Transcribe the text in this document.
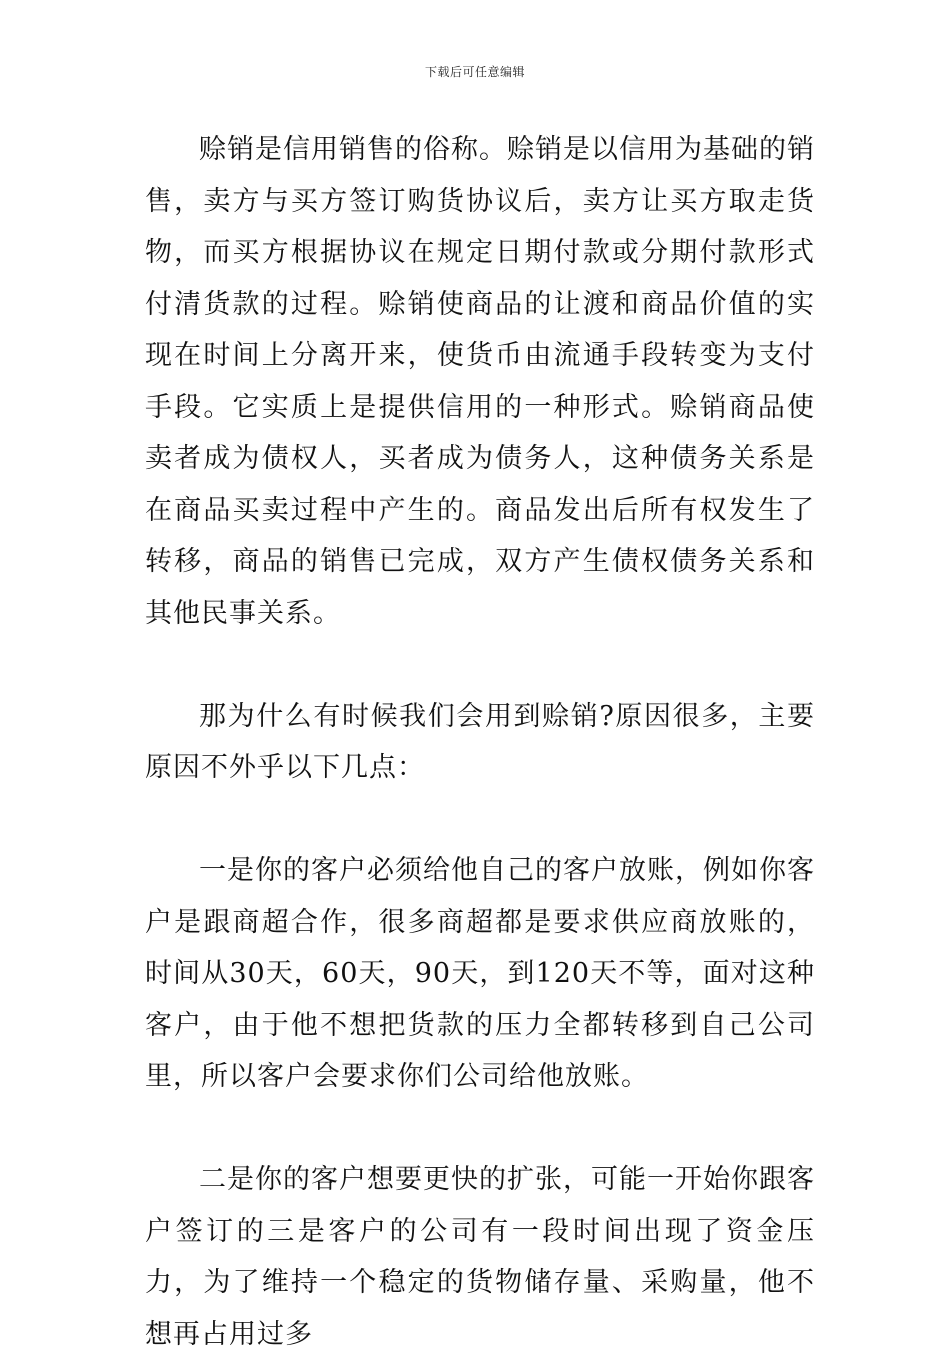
下载后可任意编辑

赊销是信用销售的俗称。赊销是以信用为基础的销售，卖方与买方签订购货协议后，卖方让买方取走货物，而买方根据协议在规定日期付款或分期付款形式付清货款的过程。赊销使商品的让渡和商品价值的实现在时间上分离开来，使货币由流通手段转变为支付手段。它实质上是提供信用的一种形式。赊销商品使卖者成为债权人，买者成为债务人，这种债务关系是在商品买卖过程中产生的。商品发出后所有权发生了转移，商品的销售已完成，双方产生债权债务关系和其他民事关系。

那为什么有时候我们会用到赊销?原因很多，主要原因不外乎以下几点：

一是你的客户必须给他自己的客户放账，例如你客户是跟商超合作，很多商超都是要求供应商放账的，时间从30天，60天，90天，到120天不等，面对这种客户，由于他不想把货款的压力全都转移到自己公司里，所以客户会要求你们公司给他放账。

二是你的客户想要更快的扩张，可能一开始你跟客户签订的三是客户的公司有一段时间出现了资金压力，为了维持一个稳定的货物储存量、采购量，他不想再占用过多
